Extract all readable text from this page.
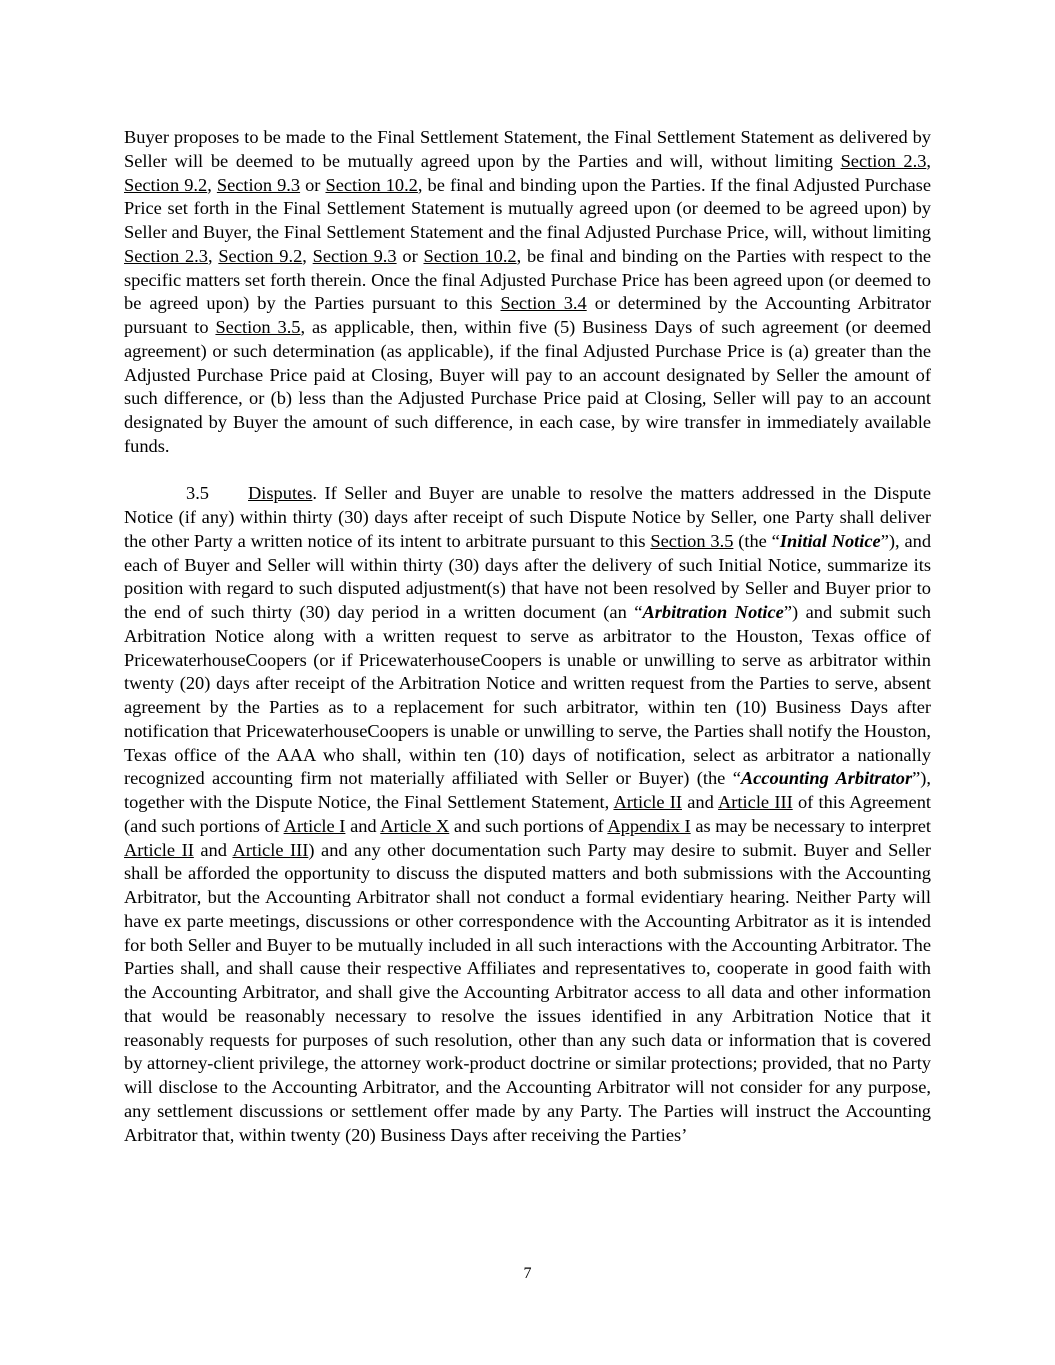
Buyer proposes to be made to the Final Settlement Statement, the Final Settlement Statement as delivered by Seller will be deemed to be mutually agreed upon by the Parties and will, without limiting Section 2.3, Section 9.2, Section 9.3 or Section 10.2, be final and binding upon the Parties. If the final Adjusted Purchase Price set forth in the Final Settlement Statement is mutually agreed upon (or deemed to be agreed upon) by Seller and Buyer, the Final Settlement Statement and the final Adjusted Purchase Price, will, without limiting Section 2.3, Section 9.2, Section 9.3 or Section 10.2, be final and binding on the Parties with respect to the specific matters set forth therein. Once the final Adjusted Purchase Price has been agreed upon (or deemed to be agreed upon) by the Parties pursuant to this Section 3.4 or determined by the Accounting Arbitrator pursuant to Section 3.5, as applicable, then, within five (5) Business Days of such agreement (or deemed agreement) or such determination (as applicable), if the final Adjusted Purchase Price is (a) greater than the Adjusted Purchase Price paid at Closing, Buyer will pay to an account designated by Seller the amount of such difference, or (b) less than the Adjusted Purchase Price paid at Closing, Seller will pay to an account designated by Buyer the amount of such difference, in each case, by wire transfer in immediately available funds.

3.5 Disputes. If Seller and Buyer are unable to resolve the matters addressed in the Dispute Notice (if any) within thirty (30) days after receipt of such Dispute Notice by Seller, one Party shall deliver the other Party a written notice of its intent to arbitrate pursuant to this Section 3.5 (the “Initial Notice”), and each of Buyer and Seller will within thirty (30) days after the delivery of such Initial Notice, summarize its position with regard to such disputed adjustment(s) that have not been resolved by Seller and Buyer prior to the end of such thirty (30) day period in a written document (an “Arbitration Notice”) and submit such Arbitration Notice along with a written request to serve as arbitrator to the Houston, Texas office of PricewaterhouseCoopers (or if PricewaterhouseCoopers is unable or unwilling to serve as arbitrator within twenty (20) days after receipt of the Arbitration Notice and written request from the Parties to serve, absent agreement by the Parties as to a replacement for such arbitrator, within ten (10) Business Days after notification that PricewaterhouseCoopers is unable or unwilling to serve, the Parties shall notify the Houston, Texas office of the AAA who shall, within ten (10) days of notification, select as arbitrator a nationally recognized accounting firm not materially affiliated with Seller or Buyer) (the “Accounting Arbitrator”), together with the Dispute Notice, the Final Settlement Statement, Article II and Article III of this Agreement (and such portions of Article I and Article X and such portions of Appendix I as may be necessary to interpret Article II and Article III) and any other documentation such Party may desire to submit. Buyer and Seller shall be afforded the opportunity to discuss the disputed matters and both submissions with the Accounting Arbitrator, but the Accounting Arbitrator shall not conduct a formal evidentiary hearing. Neither Party will have ex parte meetings, discussions or other correspondence with the Accounting Arbitrator as it is intended for both Seller and Buyer to be mutually included in all such interactions with the Accounting Arbitrator. The Parties shall, and shall cause their respective Affiliates and representatives to, cooperate in good faith with the Accounting Arbitrator, and shall give the Accounting Arbitrator access to all data and other information that would be reasonably necessary to resolve the issues identified in any Arbitration Notice that it reasonably requests for purposes of such resolution, other than any such data or information that is covered by attorney-client privilege, the attorney work-product doctrine or similar protections; provided, that no Party will disclose to the Accounting Arbitrator, and the Accounting Arbitrator will not consider for any purpose, any settlement discussions or settlement offer made by any Party. The Parties will instruct the Accounting Arbitrator that, within twenty (20) Business Days after receiving the Parties’

7
